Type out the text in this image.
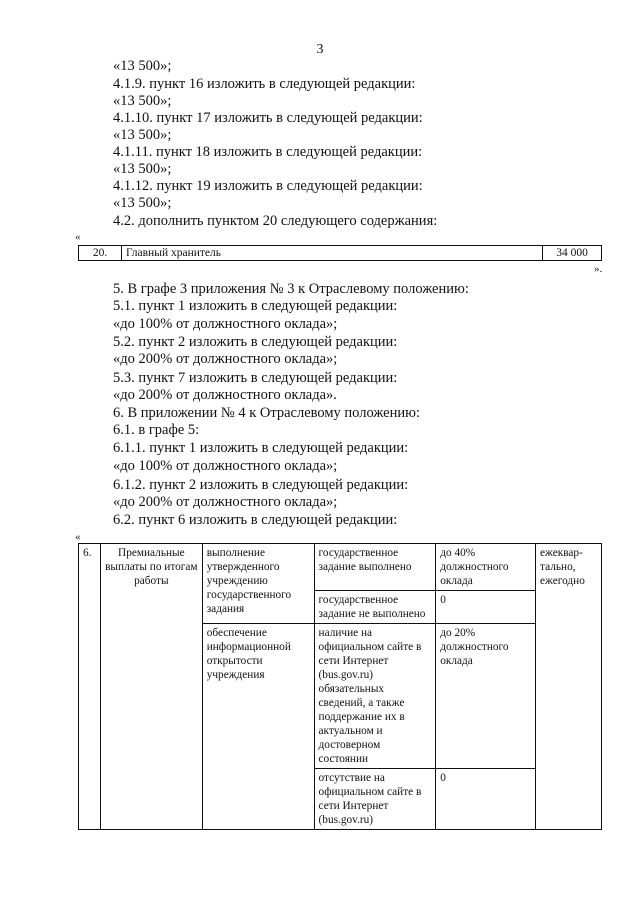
3
«13 500»;
4.1.9. пункт 16 изложить в следующей редакции:
«13 500»;
4.1.10. пункт 17 изложить в следующей редакции:
«13 500»;
4.1.11. пункт 18 изложить в следующей редакции:
«13 500»;
4.1.12. пункт 19 изложить в следующей редакции:
«13 500»;
4.2. дополнить пунктом 20 следующего содержания:
«
20.	Главный хранитель	34 000
».
5. В графе 3 приложения № 3 к Отраслевому положению:
5.1. пункт 1 изложить в следующей редакции:
«до 100% от должностного оклада»;
5.2. пункт 2 изложить в следующей редакции:
«до 200% от должностного оклада»;
5.3. пункт 7 изложить в следующей редакции:
«до 200% от должностного оклада».
6. В приложении № 4 к Отраслевому положению:
6.1. в графе 5:
6.1.1. пункт 1 изложить в следующей редакции:
«до 100% от должностного оклада»;
6.1.2. пункт 2 изложить в следующей редакции:
«до 200% от должностного оклада»;
6.2. пункт 6 изложить в следующей редакции:
«
6.	Премиальные выплаты по итогам работы	выполнение утвержденного учреждению государственного задания	государственное задание выполнено	до 40% должностного оклада	ежеквар-тально, ежегодно
			государственное задание не выполнено	0	
		обеспечение информационной открытости учреждения	наличие на официальном сайте в сети Интернет (bus.gov.ru) обязательных сведений, а также поддержание их в актуальном и достоверном состоянии	до 20% должностного оклада	
			отсутствие на официальном сайте в сети Интернет (bus.gov.ru)	0	
